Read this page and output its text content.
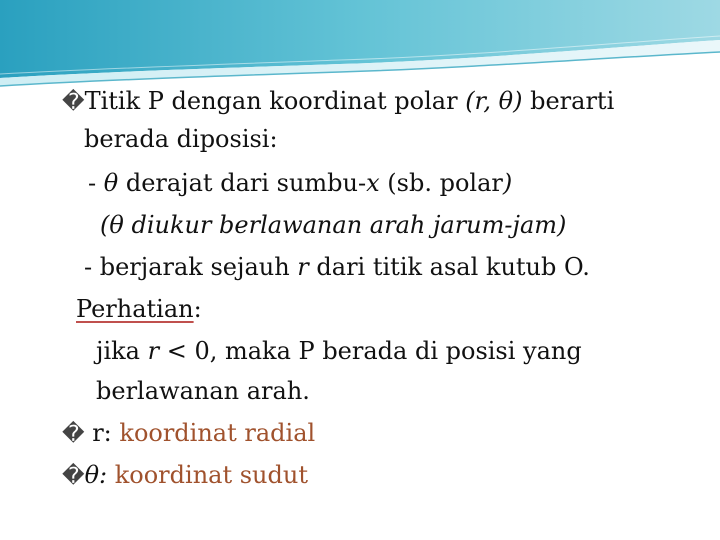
�Titik P dengan koordinat polar (r, θ) berarti
berada diposisi:
- θ derajat dari sumbu-x (sb. polar)
(θ diukur berlawanan arah jarum-jam)
- berjarak sejauh r dari titik asal kutub O.
Perhatian:
jika r < 0, maka P berada di posisi yang
berlawanan arah.
� r: koordinat radial
�θ: koordinat sudut
